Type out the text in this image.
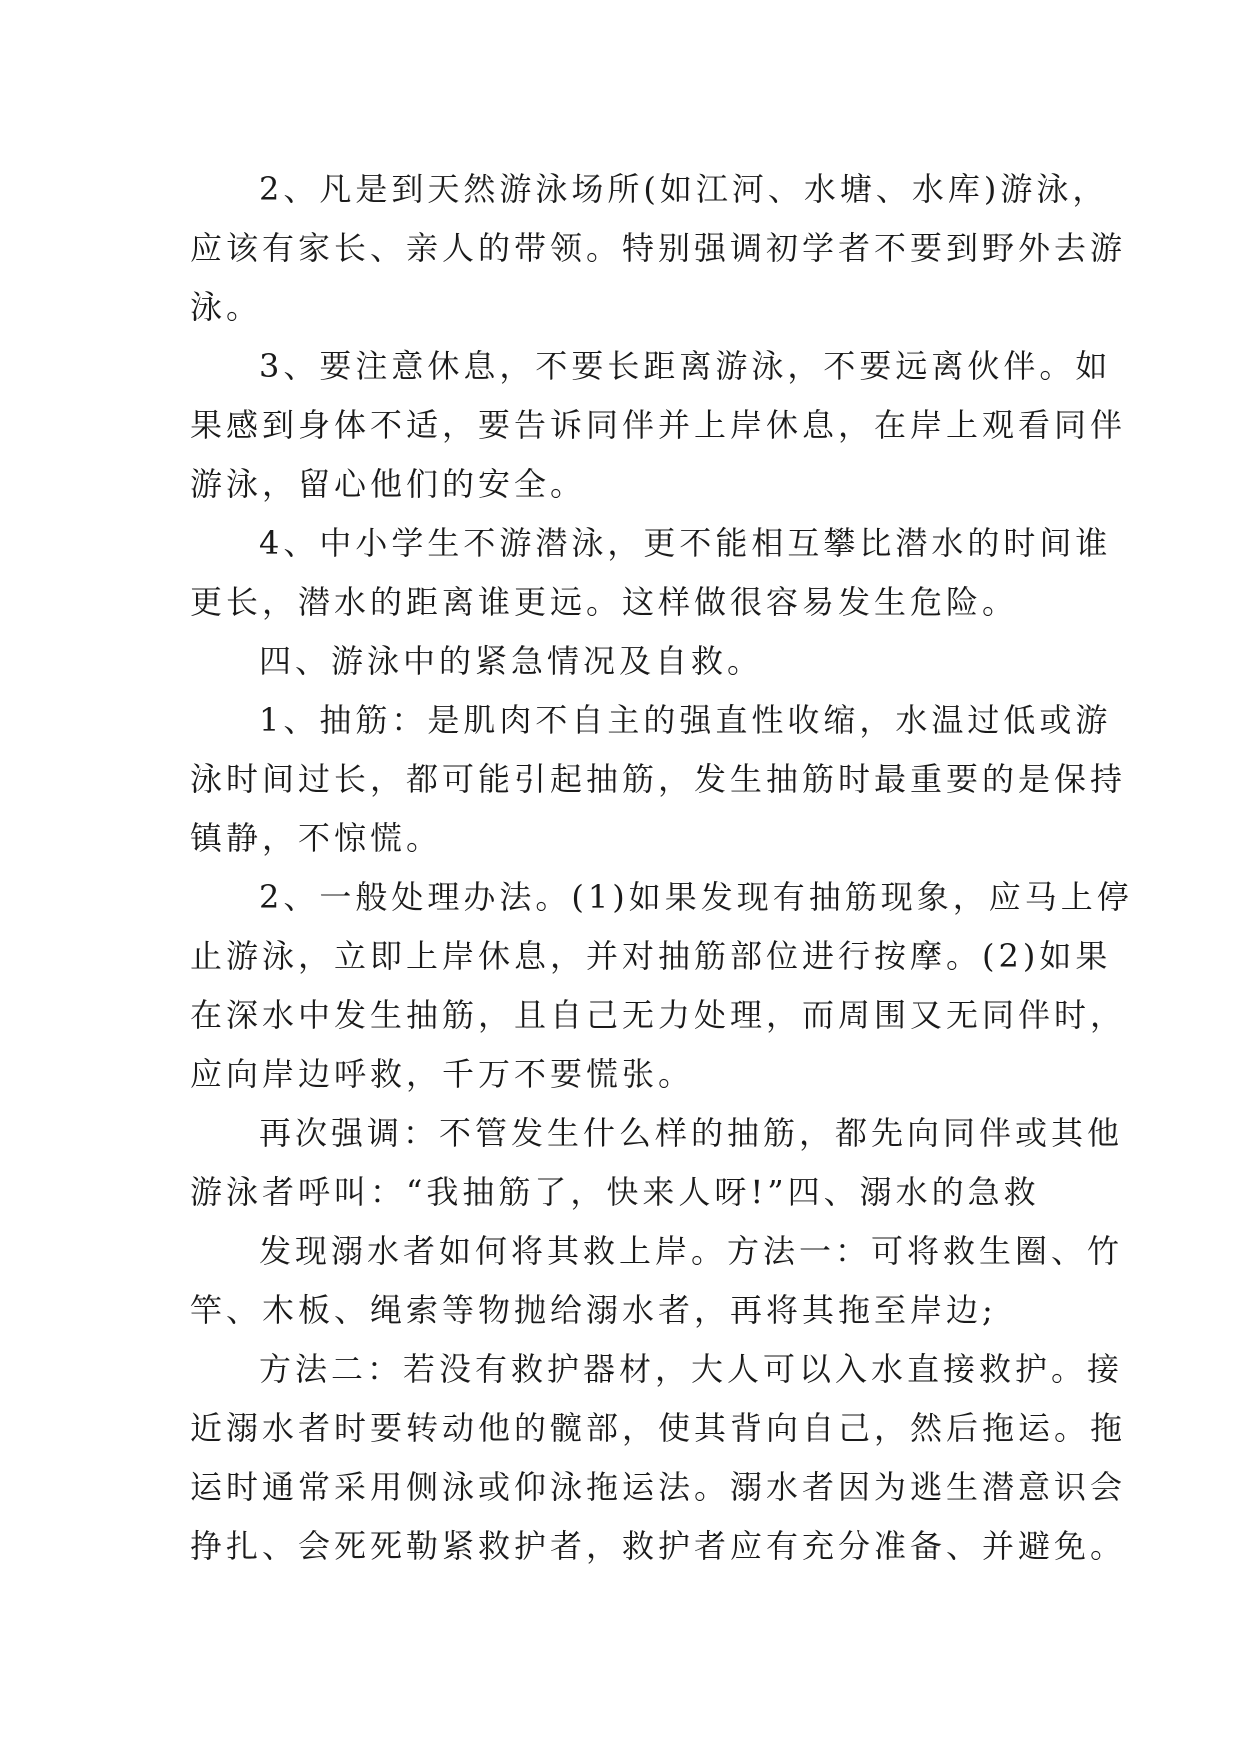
2、凡是到天然游泳场所(如江河、水塘、水库)游泳，
应该有家长、亲人的带领。特别强调初学者不要到野外去游
泳。

3、要注意休息，不要长距离游泳，不要远离伙伴。如
果感到身体不适，要告诉同伴并上岸休息，在岸上观看同伴
游泳，留心他们的安全。

4、中小学生不游潜泳，更不能相互攀比潜水的时间谁
更长，潜水的距离谁更远。这样做很容易发生危险。

四、游泳中的紧急情况及自救。

1、抽筋：是肌肉不自主的强直性收缩，水温过低或游
泳时间过长，都可能引起抽筋，发生抽筋时最重要的是保持
镇静，不惊慌。

2、一般处理办法。(1)如果发现有抽筋现象，应马上停
止游泳，立即上岸休息，并对抽筋部位进行按摩。(2)如果
在深水中发生抽筋，且自己无力处理，而周围又无同伴时，
应向岸边呼救，千万不要慌张。

再次强调：不管发生什么样的抽筋，都先向同伴或其他
游泳者呼叫：“我抽筋了，快来人呀!”四、溺水的急救

发现溺水者如何将其救上岸。方法一：可将救生圈、竹
竿、木板、绳索等物抛给溺水者，再将其拖至岸边;

方法二：若没有救护器材，大人可以入水直接救护。接
近溺水者时要转动他的髋部，使其背向自己，然后拖运。拖
运时通常采用侧泳或仰泳拖运法。溺水者因为逃生潜意识会
挣扎、会死死勒紧救护者，救护者应有充分准备、并避免。
